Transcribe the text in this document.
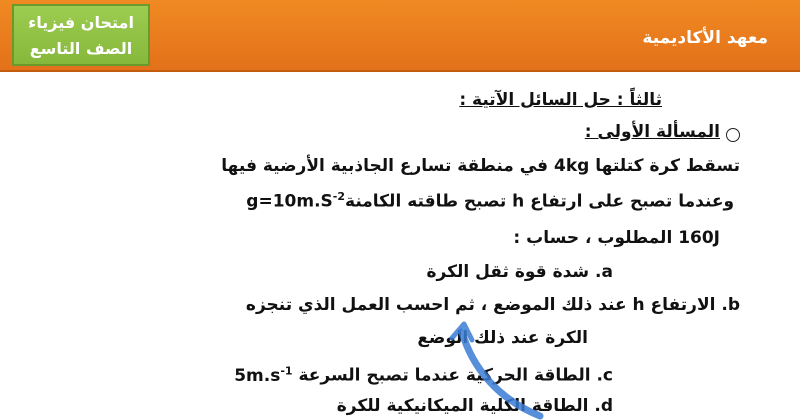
معهد الأكاديمية
امتحان فيزياء
الصف التاسع
ثالثاً : حل السائل الآتية :
المسألة الأولى :
تسقط كرة كتلتها 4kg في منطقة تسارع الجاذبية الأرضية فيها
$g=10m.S^{-2}$ وعندما تصبح على ارتفاع h تصبح طاقته الكامنة
160J المطلوب ، حساب :
a. شدة قوة ثقل الكرة
b. الارتفاع h عند ذلك الموضع ، ثم احسب العمل الذي تنجزه
الكرة عند ذلك الوضع
c. الطاقة الحركية عندما تصبح السرعة $5m.s^{-1}$
d. الطاقة الكلية الميكانيكية للكرة
